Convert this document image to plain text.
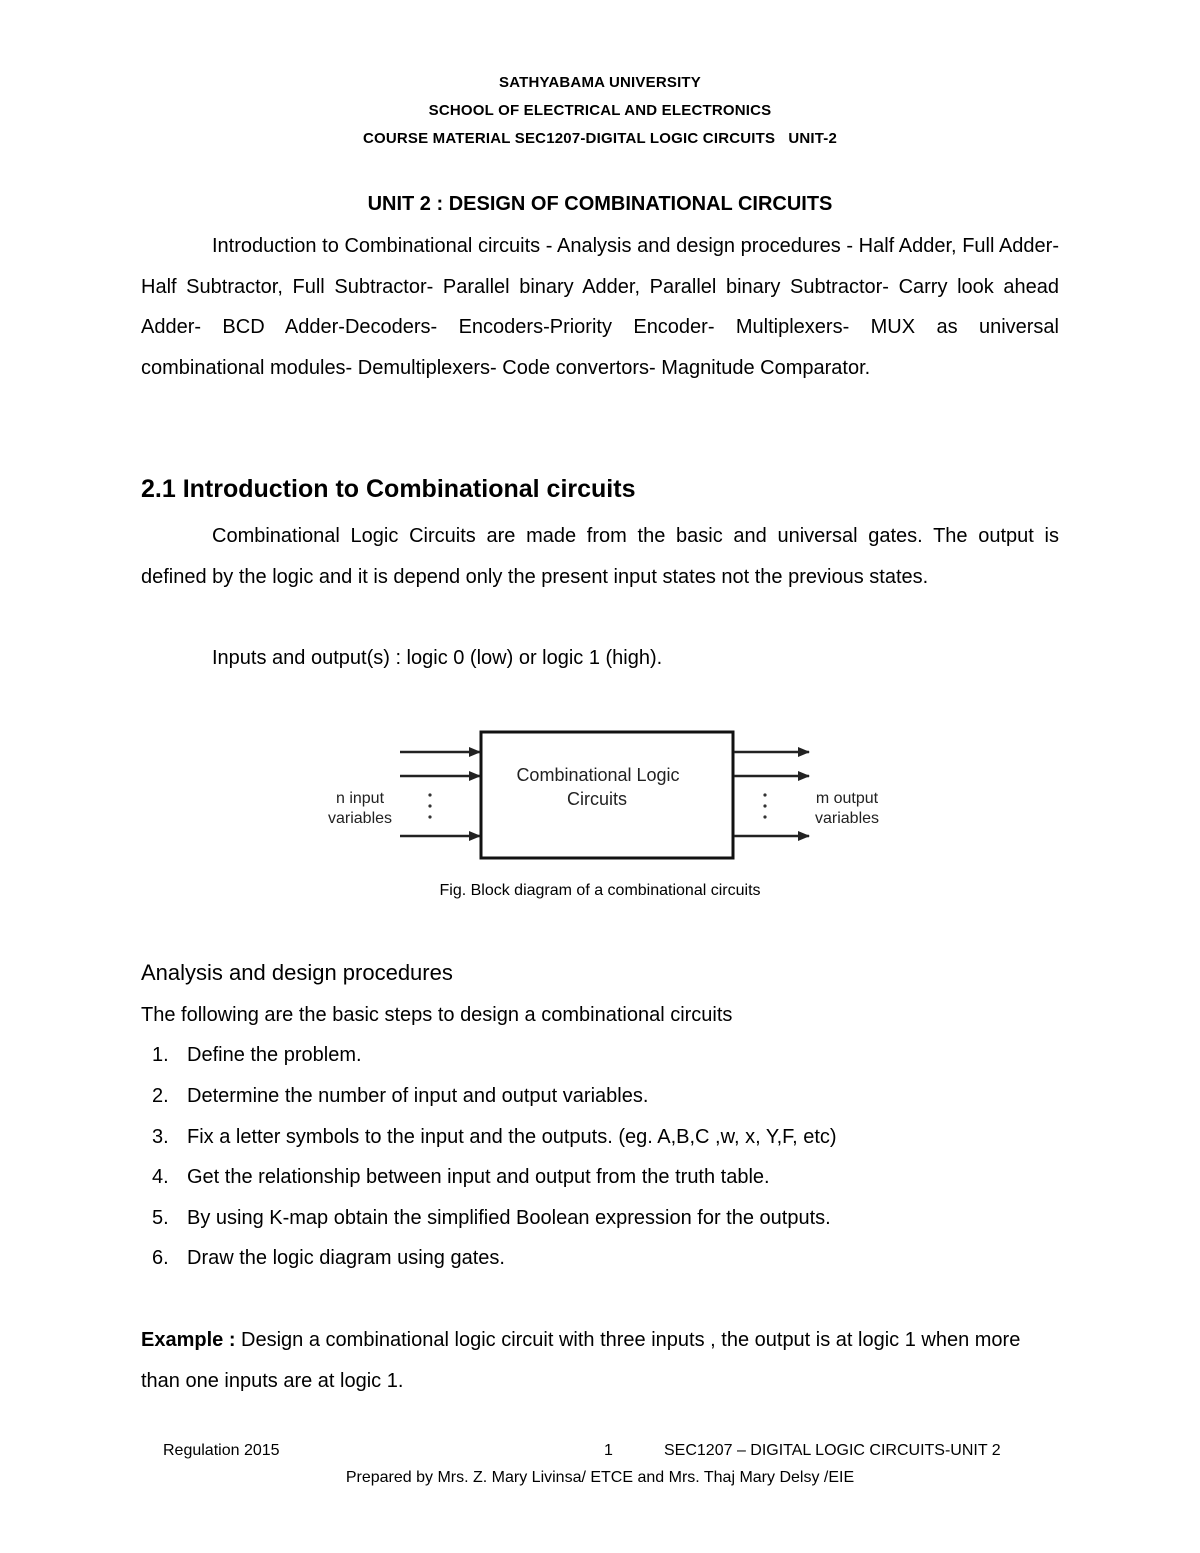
SATHYABAMA UNIVERSITY
SCHOOL OF ELECTRICAL AND ELECTRONICS
COURSE MATERIAL SEC1207-DIGITAL LOGIC CIRCUITS   UNIT-2
UNIT 2 : DESIGN OF COMBINATIONAL CIRCUITS
Introduction to Combinational circuits - Analysis and design procedures - Half Adder, Full Adder-Half Subtractor, Full Subtractor- Parallel binary Adder, Parallel binary Subtractor- Carry look ahead Adder- BCD Adder-Decoders- Encoders-Priority Encoder- Multiplexers- MUX as universal combinational modules- Demultiplexers- Code convertors- Magnitude Comparator.
2.1 Introduction to Combinational circuits
Combinational Logic Circuits are made from the basic and universal gates. The output is defined by the logic and it is depend only the present input states not the previous states.
Inputs and output(s) : logic 0 (low) or logic 1 (high).
Combinational Logic
Circuits
n input
variables
m output
variables
Fig. Block diagram of a combinational circuits
Analysis and design procedures
The following are the basic steps to design a combinational circuits
1. Define the problem.
2. Determine the number of input and output variables.
3. Fix a letter symbols to the input and the outputs. (eg. A,B,C ,w, x, Y,F, etc)
4. Get the relationship between input and output from the truth table.
5. By using K-map obtain the simplified Boolean expression for the outputs.
6. Draw the logic diagram using gates.
Example : Design a combinational logic circuit with three inputs , the output is at logic 1 when more than one inputs are at logic 1.
Regulation 2015	1	SEC1207 – DIGITAL LOGIC CIRCUITS-UNIT 2
Prepared by Mrs. Z. Mary Livinsa/ ETCE and Mrs. Thaj Mary Delsy /EIE
